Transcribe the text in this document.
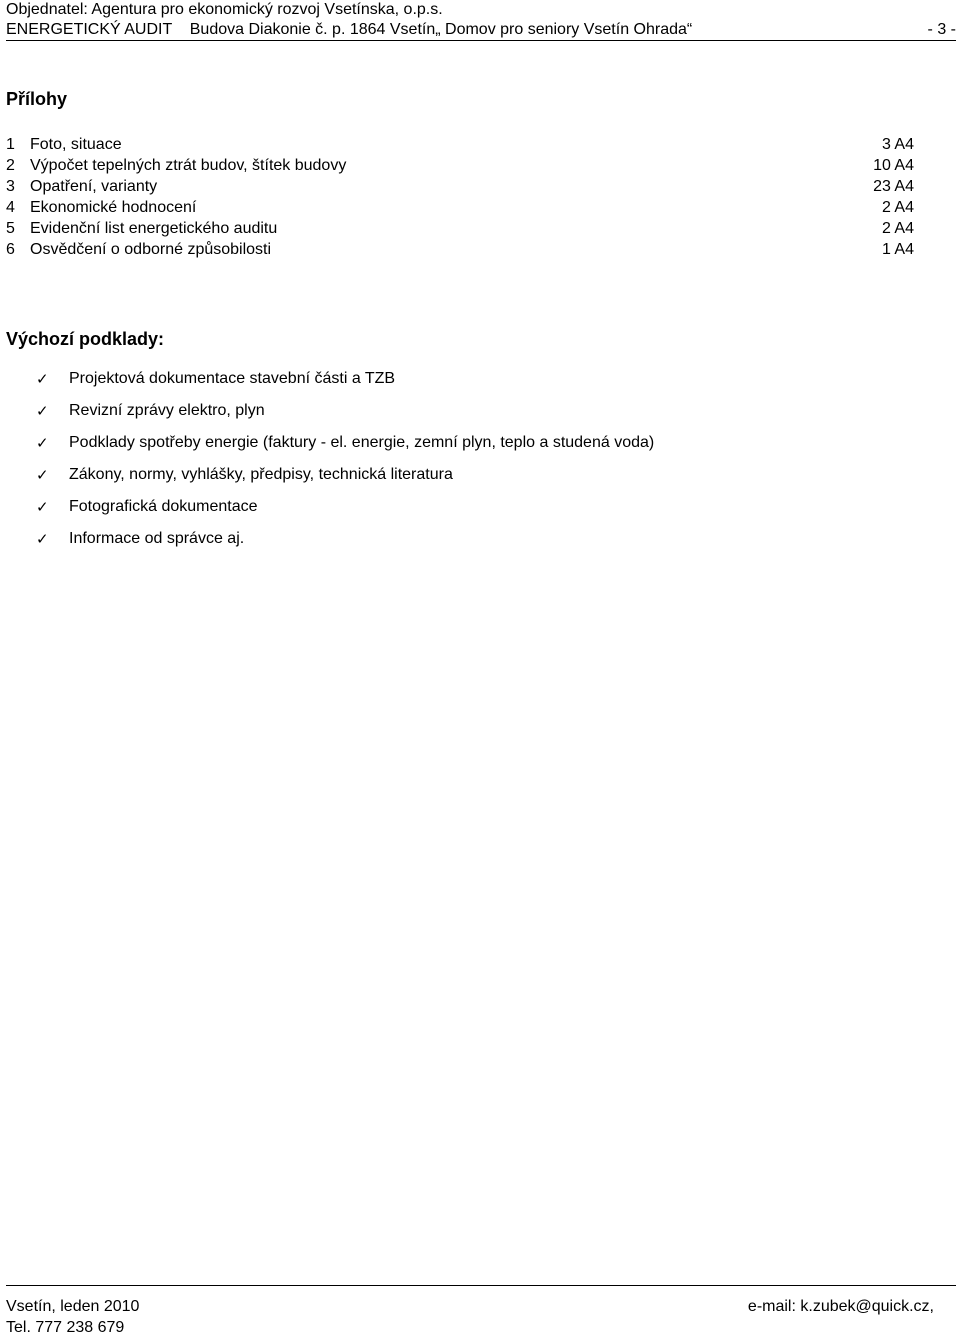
Objednatel: Agentura pro ekonomický rozvoj Vsetínska, o.p.s.
ENERGETICKÝ AUDIT    Budova Diakonie č. p. 1864 Vsetín„ Domov pro seniory Vsetín Ohrada“	- 3 -
Přílohy
1 Foto, situace	3 A4
2 Výpočet tepelných ztrát budov, štítek budovy	10 A4
3 Opatření, varianty	23 A4
4 Ekonomické hodnocení	2 A4
5 Evidenční list energetického auditu	2 A4
6 Osvědčení o odborné způsobilosti	1 A4
Výchozí podklady:
✓ Projektová dokumentace stavební části a TZB
✓ Revizní zprávy elektro, plyn
✓ Podklady spotřeby energie (faktury - el. energie, zemní plyn, teplo a studená voda)
✓ Zákony, normy, vyhlášky, předpisy, technická literatura
✓ Fotografická dokumentace
✓ Informace od správce aj.
Vsetín, leden 2010	e-mail: k.zubek@quick.cz,
Tel. 777 238 679
